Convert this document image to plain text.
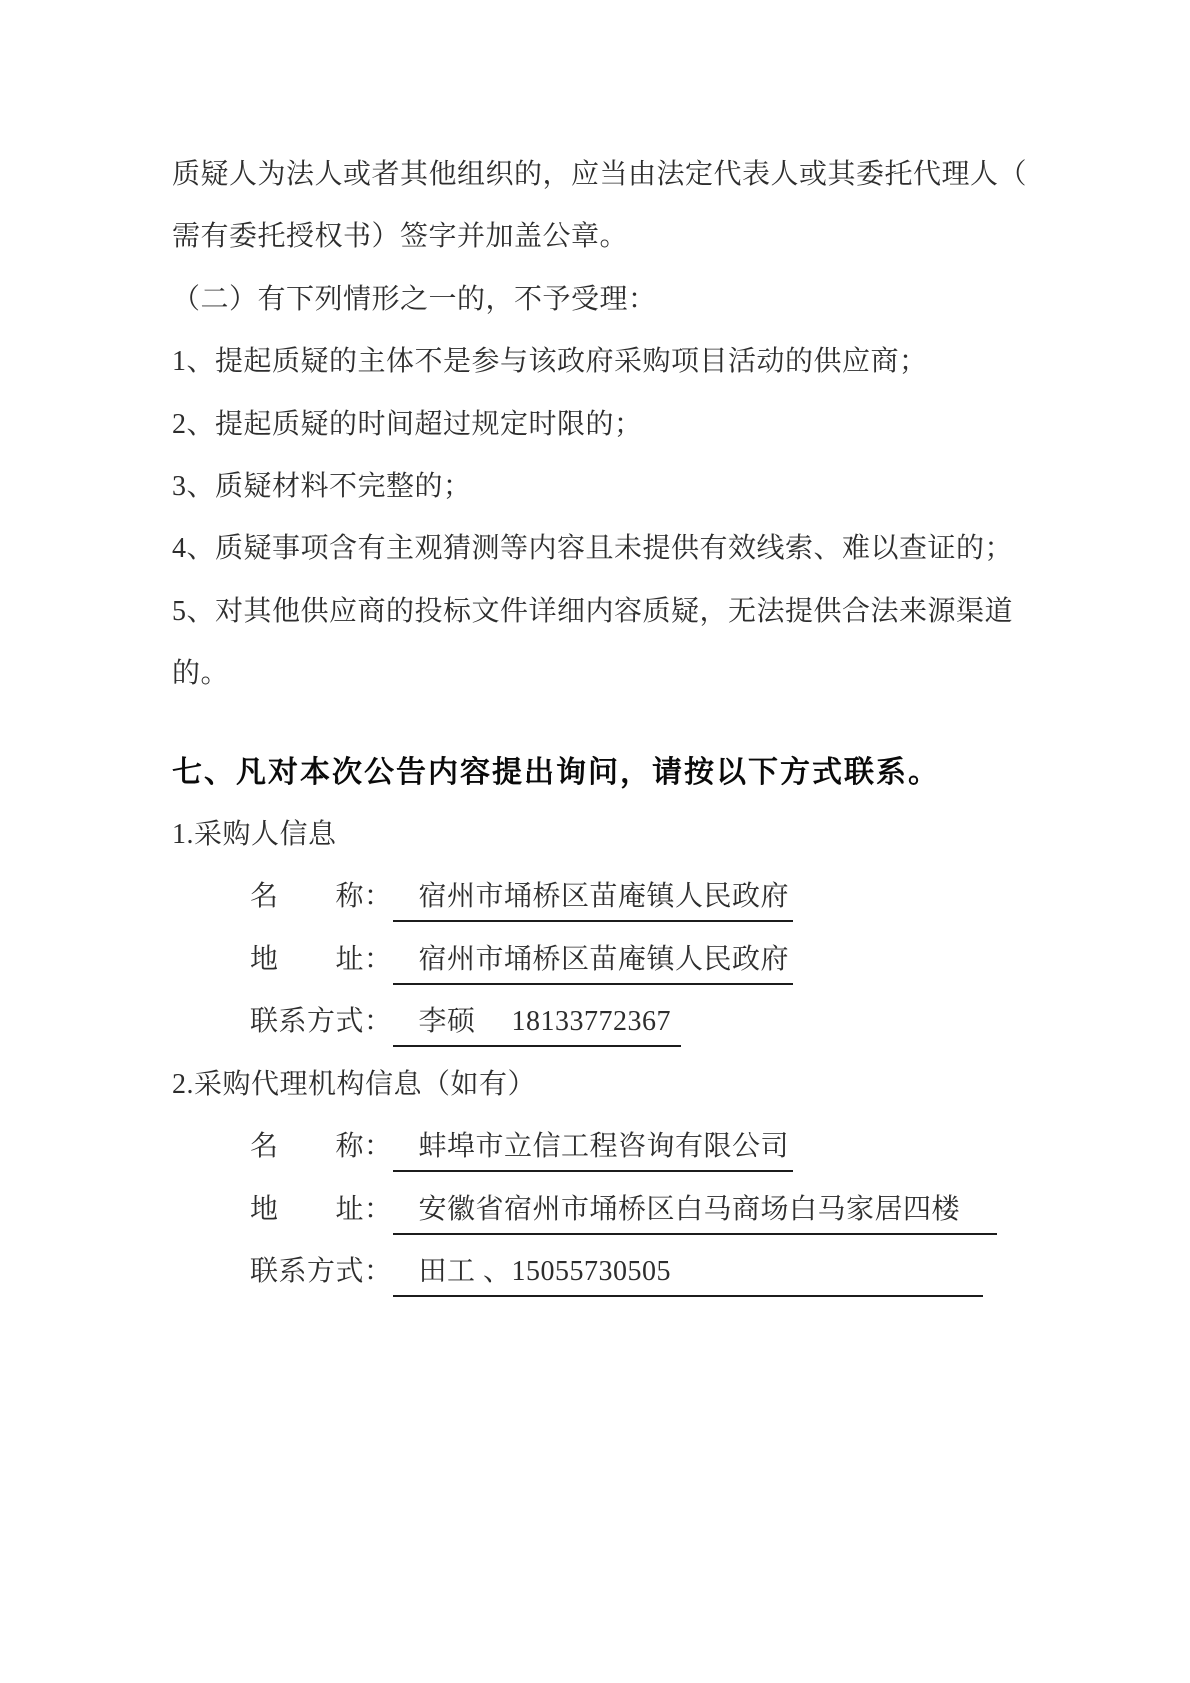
质疑人为法人或者其他组织的，应当由法定代表人或其委托代理人（

需有委托授权书）签字并加盖公章。

（二）有下列情形之一的，不予受理：

1、提起质疑的主体不是参与该政府采购项目活动的供应商；

2、提起质疑的时间超过规定时限的；

3、质疑材料不完整的；

4、质疑事项含有主观猜测等内容且未提供有效线索、难以查证的；

5、对其他供应商的投标文件详细内容质疑，无法提供合法来源渠道

的。

七、凡对本次公告内容提出询问，请按以下方式联系。

1.采购人信息

名　　称： 宿州市埇桥区苗庵镇人民政府
地　　址： 宿州市埇桥区苗庵镇人民政府
联系方式： 李硕　 18133772367

2.采购代理机构信息（如有）

名　　称： 蚌埠市立信工程咨询有限公司
地　　址： 安徽省宿州市埇桥区白马商场白马家居四楼
联系方式： 田工 、15055730505
